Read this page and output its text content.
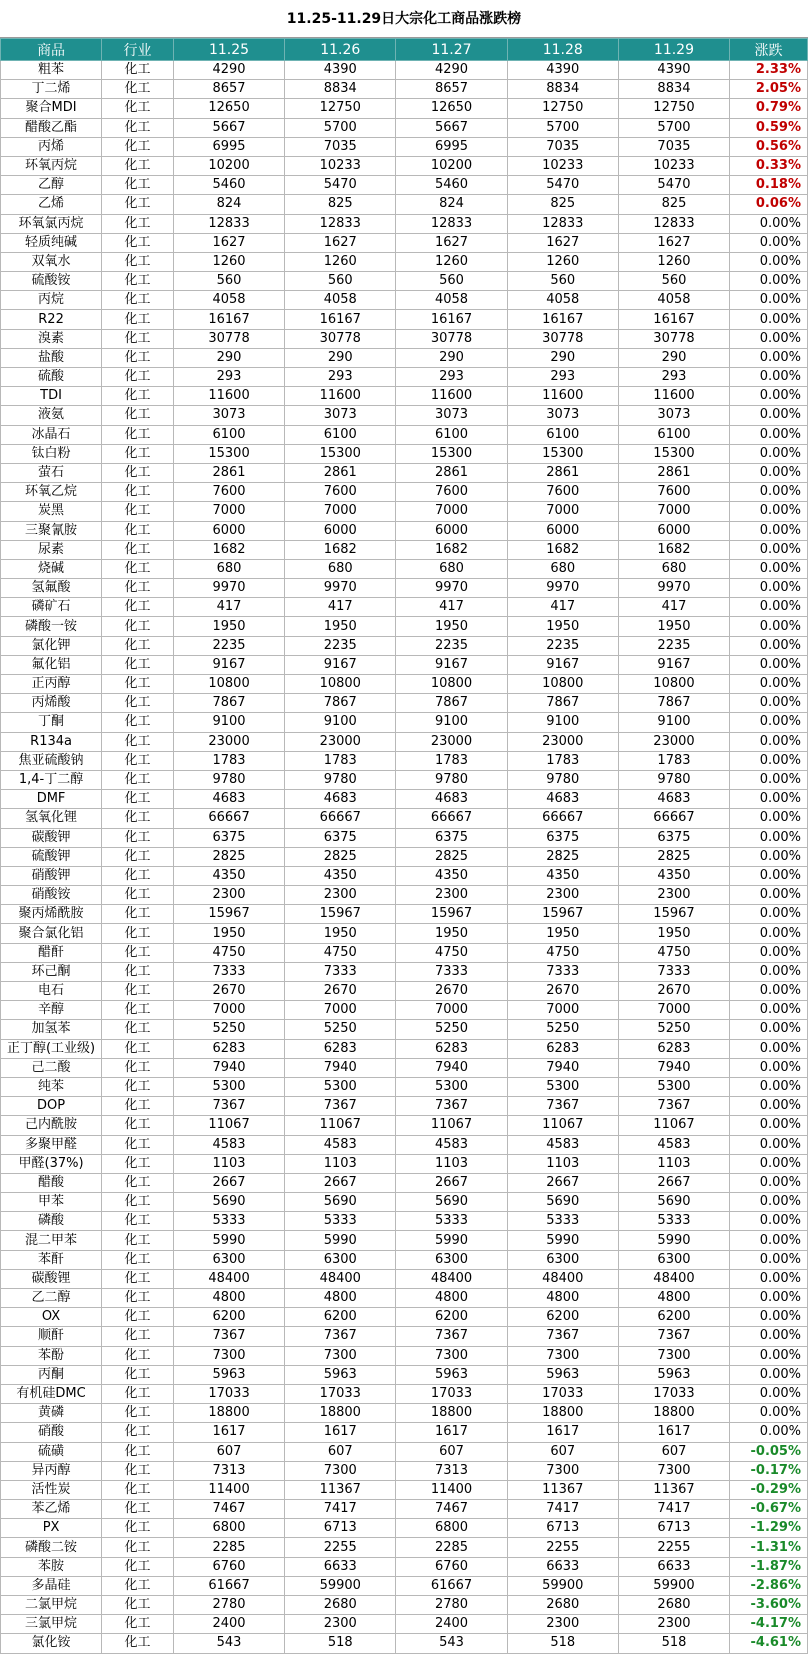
11.25-11.29日大宗化工商品涨跌榜
商品	行业	11.25	11.26	11.27	11.28	11.29	涨跌
粗苯	化工	4290	4390	4290	4390	4390	2.33%
丁二烯	化工	8657	8834	8657	8834	8834	2.05%
聚合MDI	化工	12650	12750	12650	12750	12750	0.79%
醋酸乙酯	化工	5667	5700	5667	5700	5700	0.59%
丙烯	化工	6995	7035	6995	7035	7035	0.56%
环氧丙烷	化工	10200	10233	10200	10233	10233	0.33%
乙醇	化工	5460	5470	5460	5470	5470	0.18%
乙烯	化工	824	825	824	825	825	0.06%
环氧氯丙烷	化工	12833	12833	12833	12833	12833	0.00%
轻质纯碱	化工	1627	1627	1627	1627	1627	0.00%
双氧水	化工	1260	1260	1260	1260	1260	0.00%
硫酸铵	化工	560	560	560	560	560	0.00%
丙烷	化工	4058	4058	4058	4058	4058	0.00%
R22	化工	16167	16167	16167	16167	16167	0.00%
溴素	化工	30778	30778	30778	30778	30778	0.00%
盐酸	化工	290	290	290	290	290	0.00%
硫酸	化工	293	293	293	293	293	0.00%
TDI	化工	11600	11600	11600	11600	11600	0.00%
液氨	化工	3073	3073	3073	3073	3073	0.00%
冰晶石	化工	6100	6100	6100	6100	6100	0.00%
钛白粉	化工	15300	15300	15300	15300	15300	0.00%
萤石	化工	2861	2861	2861	2861	2861	0.00%
环氧乙烷	化工	7600	7600	7600	7600	7600	0.00%
炭黑	化工	7000	7000	7000	7000	7000	0.00%
三聚氰胺	化工	6000	6000	6000	6000	6000	0.00%
尿素	化工	1682	1682	1682	1682	1682	0.00%
烧碱	化工	680	680	680	680	680	0.00%
氢氟酸	化工	9970	9970	9970	9970	9970	0.00%
磷矿石	化工	417	417	417	417	417	0.00%
磷酸一铵	化工	1950	1950	1950	1950	1950	0.00%
氯化钾	化工	2235	2235	2235	2235	2235	0.00%
氟化铝	化工	9167	9167	9167	9167	9167	0.00%
正丙醇	化工	10800	10800	10800	10800	10800	0.00%
丙烯酸	化工	7867	7867	7867	7867	7867	0.00%
丁酮	化工	9100	9100	9100	9100	9100	0.00%
R134a	化工	23000	23000	23000	23000	23000	0.00%
焦亚硫酸钠	化工	1783	1783	1783	1783	1783	0.00%
1,4-丁二醇	化工	9780	9780	9780	9780	9780	0.00%
DMF	化工	4683	4683	4683	4683	4683	0.00%
氢氧化锂	化工	66667	66667	66667	66667	66667	0.00%
碳酸钾	化工	6375	6375	6375	6375	6375	0.00%
硫酸钾	化工	2825	2825	2825	2825	2825	0.00%
硝酸钾	化工	4350	4350	4350	4350	4350	0.00%
硝酸铵	化工	2300	2300	2300	2300	2300	0.00%
聚丙烯酰胺	化工	15967	15967	15967	15967	15967	0.00%
聚合氯化铝	化工	1950	1950	1950	1950	1950	0.00%
醋酐	化工	4750	4750	4750	4750	4750	0.00%
环己酮	化工	7333	7333	7333	7333	7333	0.00%
电石	化工	2670	2670	2670	2670	2670	0.00%
辛醇	化工	7000	7000	7000	7000	7000	0.00%
加氢苯	化工	5250	5250	5250	5250	5250	0.00%
正丁醇(工业级)	化工	6283	6283	6283	6283	6283	0.00%
己二酸	化工	7940	7940	7940	7940	7940	0.00%
纯苯	化工	5300	5300	5300	5300	5300	0.00%
DOP	化工	7367	7367	7367	7367	7367	0.00%
己内酰胺	化工	11067	11067	11067	11067	11067	0.00%
多聚甲醛	化工	4583	4583	4583	4583	4583	0.00%
甲醛(37%)	化工	1103	1103	1103	1103	1103	0.00%
醋酸	化工	2667	2667	2667	2667	2667	0.00%
甲苯	化工	5690	5690	5690	5690	5690	0.00%
磷酸	化工	5333	5333	5333	5333	5333	0.00%
混二甲苯	化工	5990	5990	5990	5990	5990	0.00%
苯酐	化工	6300	6300	6300	6300	6300	0.00%
碳酸锂	化工	48400	48400	48400	48400	48400	0.00%
乙二醇	化工	4800	4800	4800	4800	4800	0.00%
OX	化工	6200	6200	6200	6200	6200	0.00%
顺酐	化工	7367	7367	7367	7367	7367	0.00%
苯酚	化工	7300	7300	7300	7300	7300	0.00%
丙酮	化工	5963	5963	5963	5963	5963	0.00%
有机硅DMC	化工	17033	17033	17033	17033	17033	0.00%
黄磷	化工	18800	18800	18800	18800	18800	0.00%
硝酸	化工	1617	1617	1617	1617	1617	0.00%
硫磺	化工	607	607	607	607	607	-0.05%
异丙醇	化工	7313	7300	7313	7300	7300	-0.17%
活性炭	化工	11400	11367	11400	11367	11367	-0.29%
苯乙烯	化工	7467	7417	7467	7417	7417	-0.67%
PX	化工	6800	6713	6800	6713	6713	-1.29%
磷酸二铵	化工	2285	2255	2285	2255	2255	-1.31%
苯胺	化工	6760	6633	6760	6633	6633	-1.87%
多晶硅	化工	61667	59900	61667	59900	59900	-2.86%
二氯甲烷	化工	2780	2680	2780	2680	2680	-3.60%
三氯甲烷	化工	2400	2300	2400	2300	2300	-4.17%
氯化铵	化工	543	518	543	518	518	-4.61%
